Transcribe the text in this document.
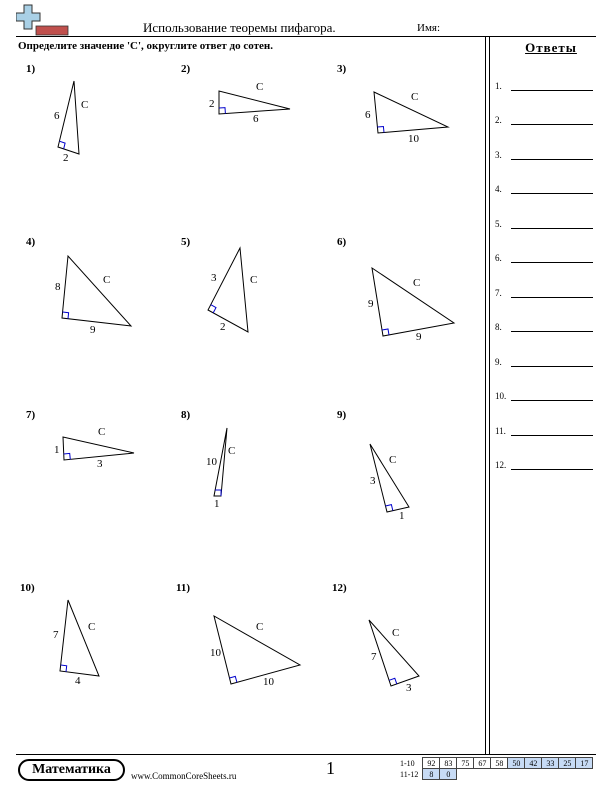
Использование теоремы пифагора.	Имя:
Определите значение 'C', округлите ответ до сотен.	Ответы
1)	2)	3)
4)	5)	6)
7)	8)	9)
10)	11)	12)
6
2
C	2
6
C
6
10
C
8
9
C	3
2
C
9
9
C
1
3
C
10
1
C
3
1
C
7
4
C
10
10
C
7
3
C
1.
2.
3.
4.
5.
6.
7.
8.
9.
10.
11.
12.
Математика	www.CommonCoreSheets.ru	1	1-10	92	83	75	67	58	50	42	33	25	17
11-12	8	0								
